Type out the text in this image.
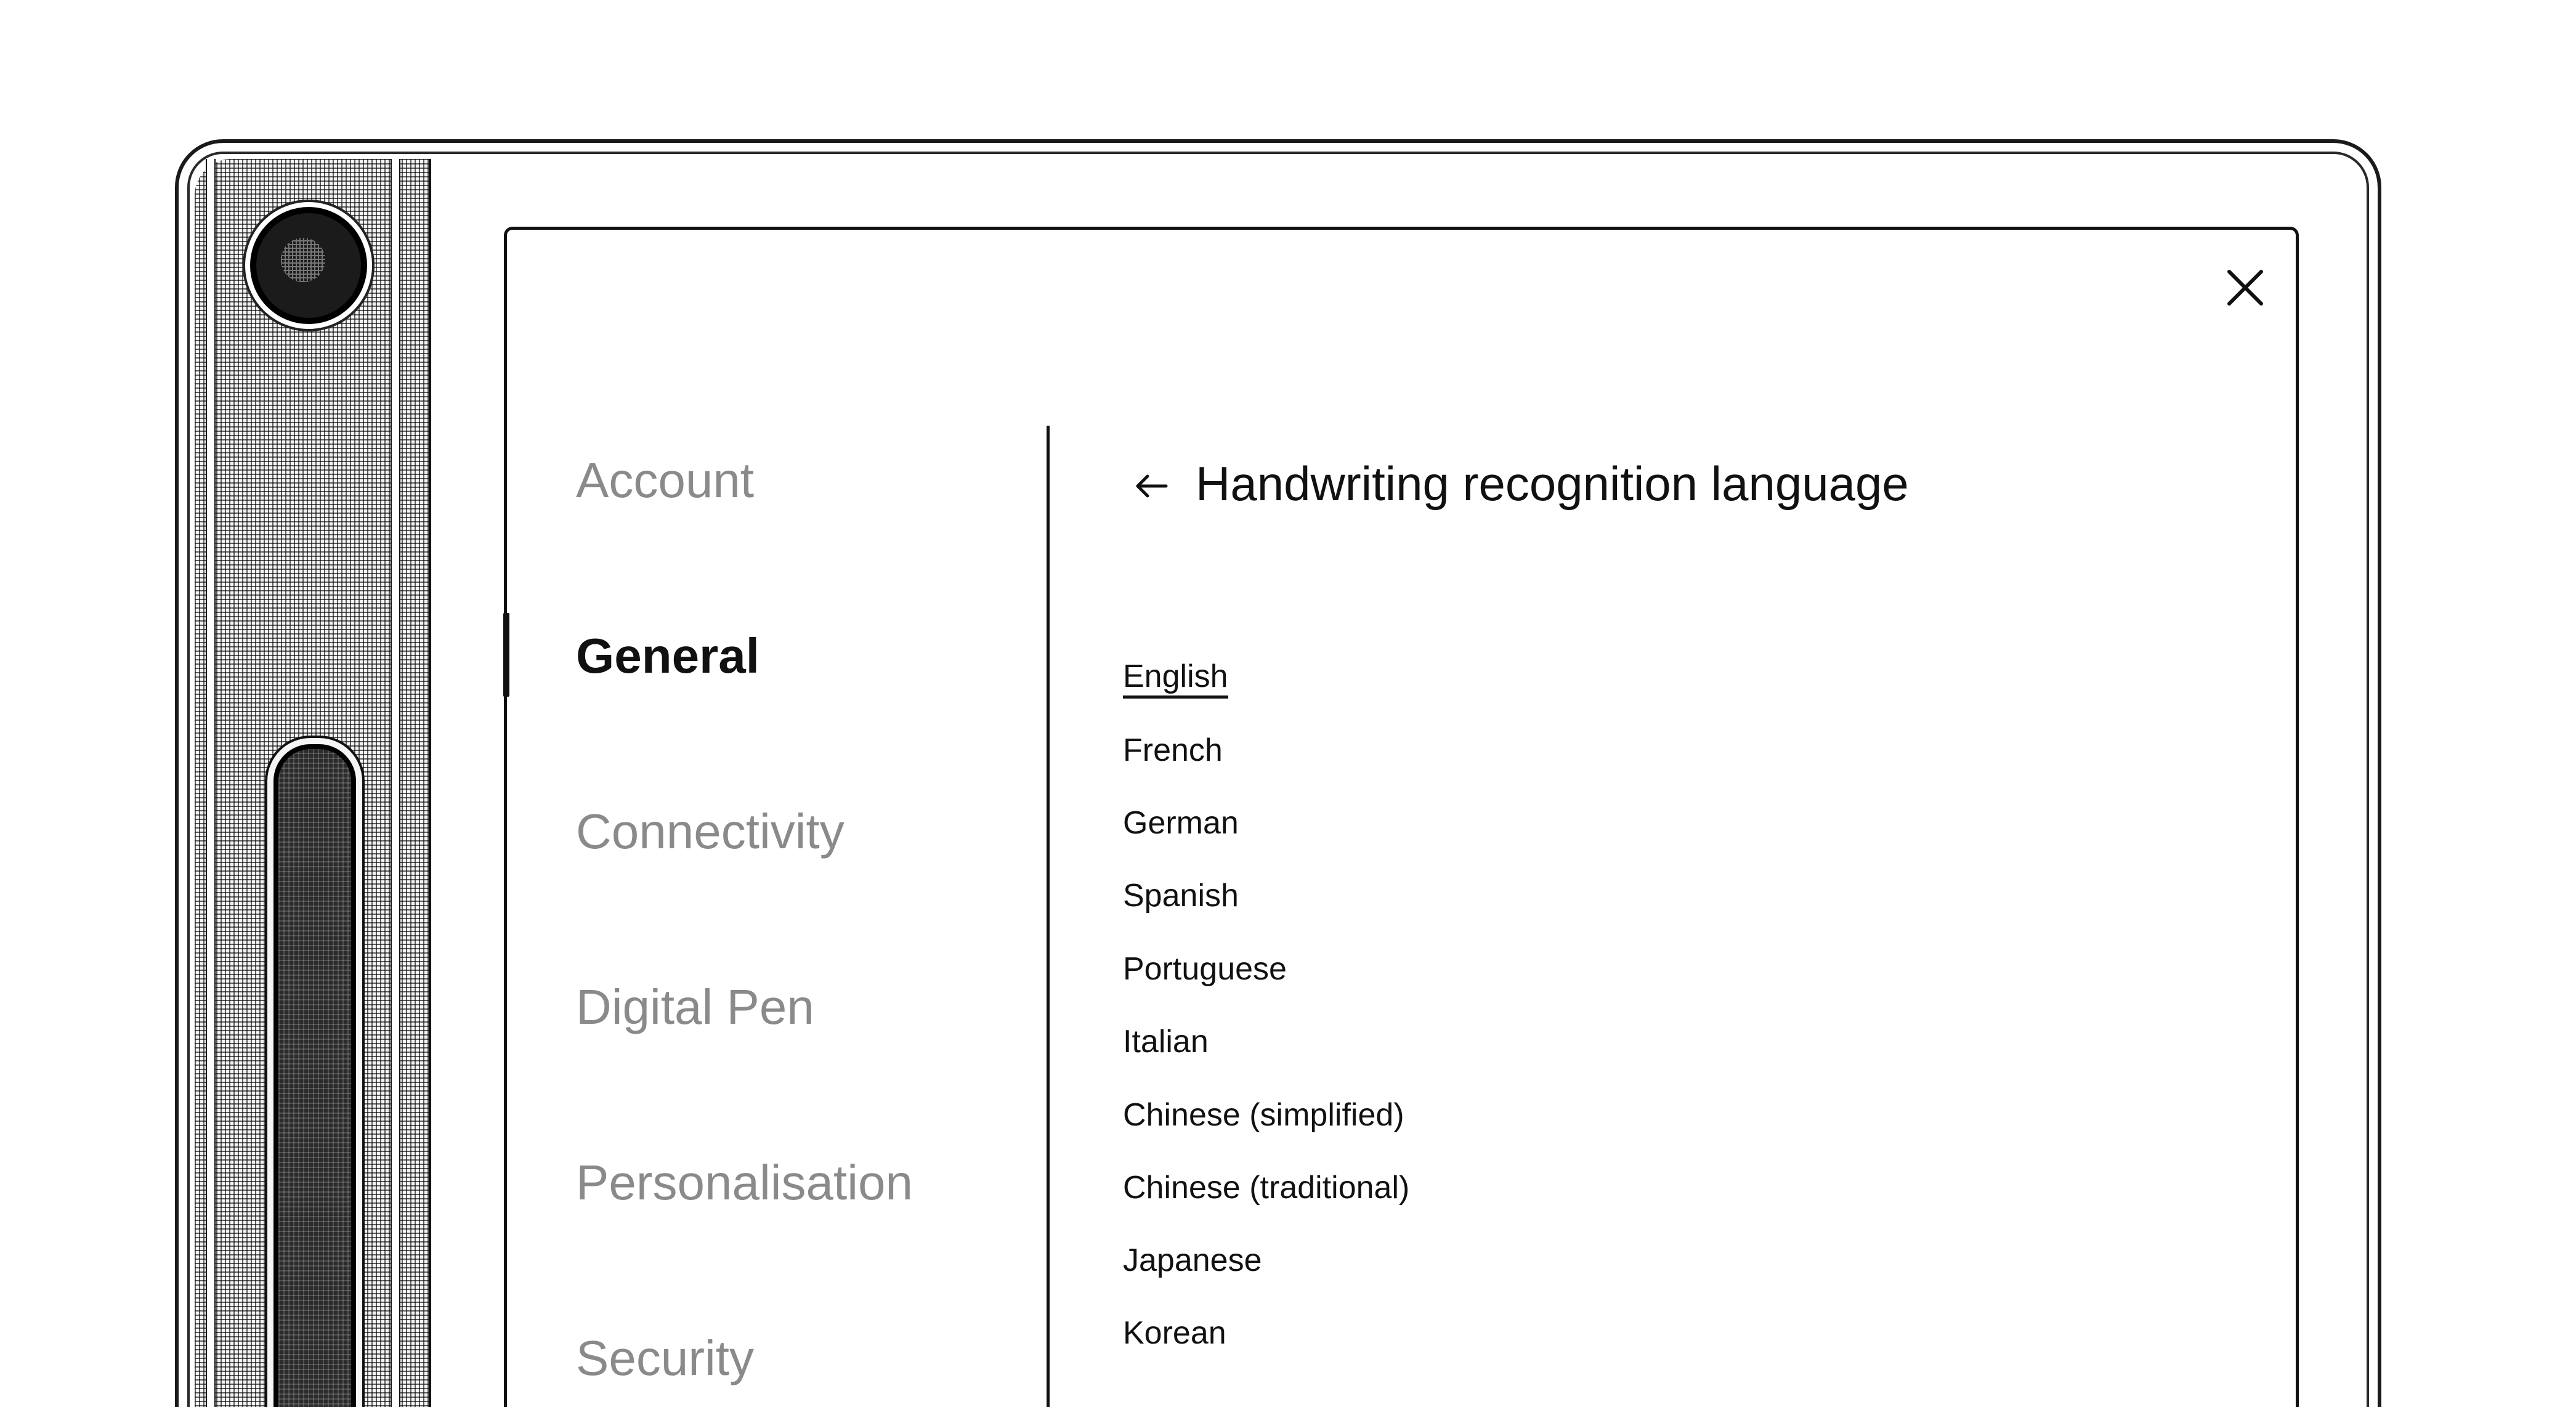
Account
General
Connectivity
Digital Pen
Personalisation
Security
Handwriting recognition language
English
French
German
Spanish
Portuguese
Italian
Chinese (simplified)
Chinese (traditional)
Japanese
Korean
